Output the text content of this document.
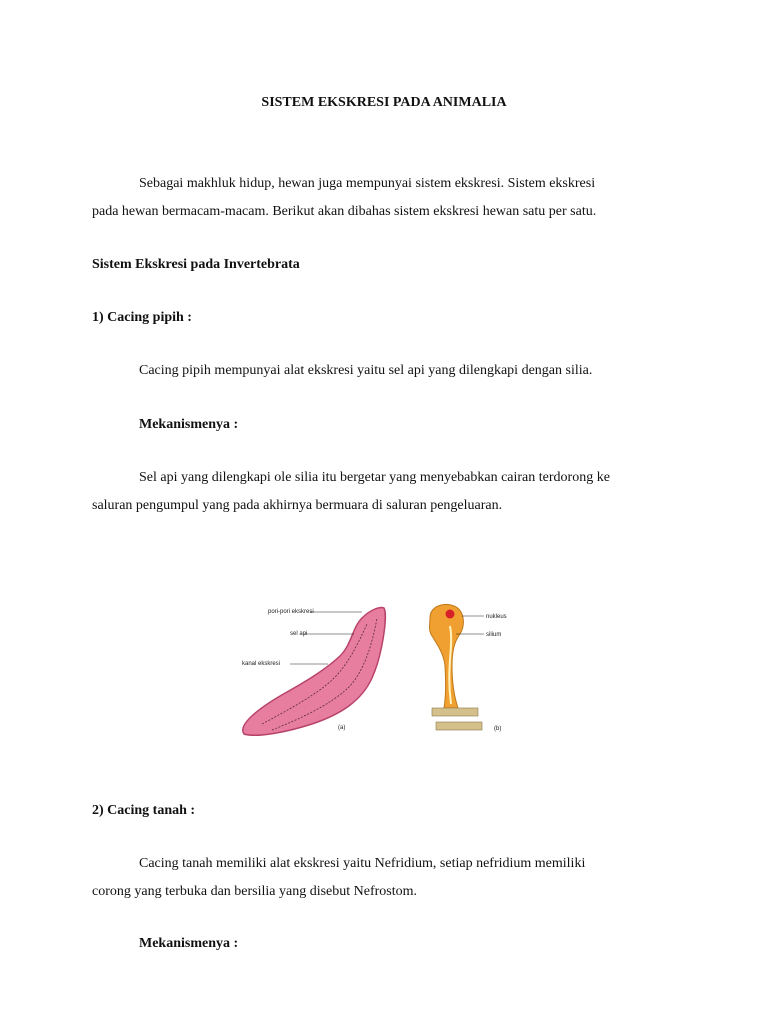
SISTEM EKSKRESI PADA ANIMALIA
Sebagai makhluk hidup, hewan juga mempunyai sistem ekskresi. Sistem ekskresi
pada hewan bermacam-macam. Berikut akan dibahas sistem ekskresi hewan satu per satu.
Sistem Ekskresi pada Invertebrata
1) Cacing pipih :
Cacing pipih mempunyai alat ekskresi yaitu sel api yang dilengkapi dengan silia.
Mekanismenya :
Sel api yang dilengkapi ole silia itu bergetar yang menyebabkan cairan terdorong ke
saluran pengumpul yang pada akhirnya bermuara di saluran pengeluaran.
pori-pori ekskresi
sel api
kanal ekskresi
(a)
nukleus
silium
(b)
2) Cacing tanah :
Cacing tanah memiliki alat ekskresi yaitu Nefridium, setiap nefridium memiliki
corong yang terbuka dan bersilia yang disebut Nefrostom.
Mekanismenya :
